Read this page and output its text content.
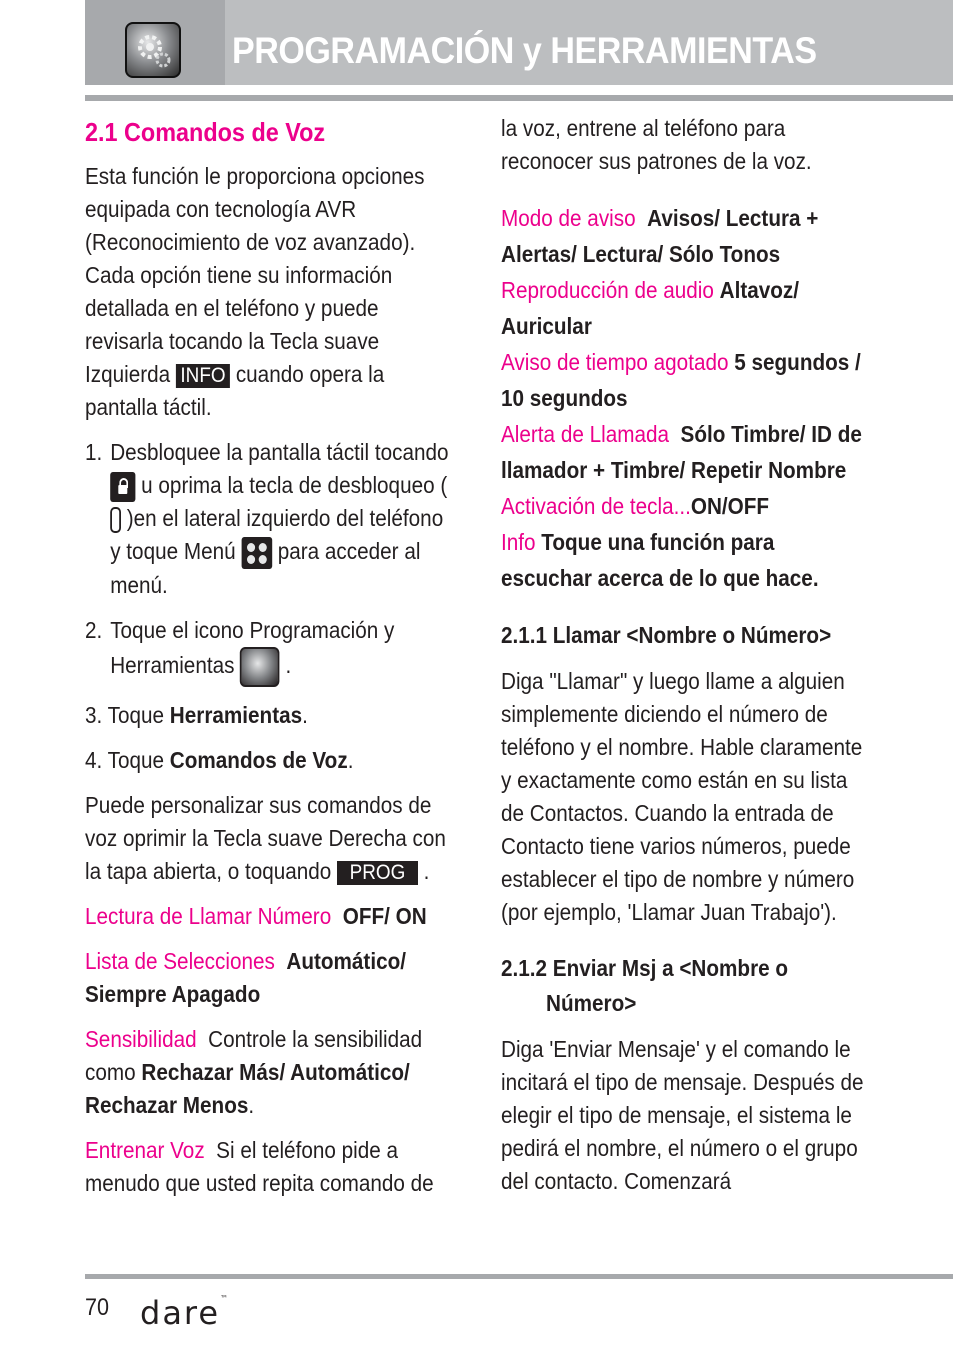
PROGRAMACIÓN y HERRAMIENTAS

2.1 Comandos de Voz

Esta función le proporciona opciones equipada con tecnología AVR (Reconocimiento de voz avanzado). Cada opción tiene su información detallada en el teléfono y puede revisarla tocando la Tecla suave Izquierda INFO cuando opera la pantalla táctil.

1. Desbloquee la pantalla táctil tocando  u oprima la tecla de desbloqueo (  )en el lateral izquierdo del teléfono y toque Menú
para acceder al menú.
2. Toque el icono Programación y Herramientas  .

3. Toque Herramientas.

4. Toque Comandos de Voz.

Puede personalizar sus comandos de voz oprimir la Tecla suave Derecha con la tapa abierta, o toquando PROG .

Lectura de Llamar Número OFF/ ON

Lista de Selecciones Automático/ Siempre Apagado

Sensibilidad Controle la sensibilidad como Rechazar Más/ Automático/ Rechazar Menos.

Entrenar Voz Si el teléfono pide a menudo que usted repita comando de

la voz, entrene al teléfono para reconocer sus patrones de la voz.

Modo de aviso Avisos/ Lectura + Alertas/ Lectura/ Sólo Tonos

Reproducción de audio Altavoz/ Auricular

Aviso de tiempo agotado 5 segundos / 10 segundos

Alerta de Llamada Sólo Timbre/ ID de llamador + Timbre/ Repetir Nombre

Activación de tecla...ON/OFF

Info Toque una función para escuchar acerca de lo que hace.

2.1.1 Llamar <Nombre o Número>

Diga "Llamar" y luego llame a alguien simplemente diciendo el número de teléfono y el nombre. Hable claramente y exactamente como están en su lista de Contactos. Cuando la entrada de Contacto tiene varios números, puede establecer el tipo de nombre y número (por ejemplo, 'Llamar Juan Trabajo').

2.1.2 Enviar Msj a <Nombre o
Número>

Diga 'Enviar Mensaje' y el comando le incitará el tipo de mensaje. Después de elegir el tipo de mensaje, el sistema le pedirá el nombre, el número o el grupo del contacto. Comenzará

70 dare™
